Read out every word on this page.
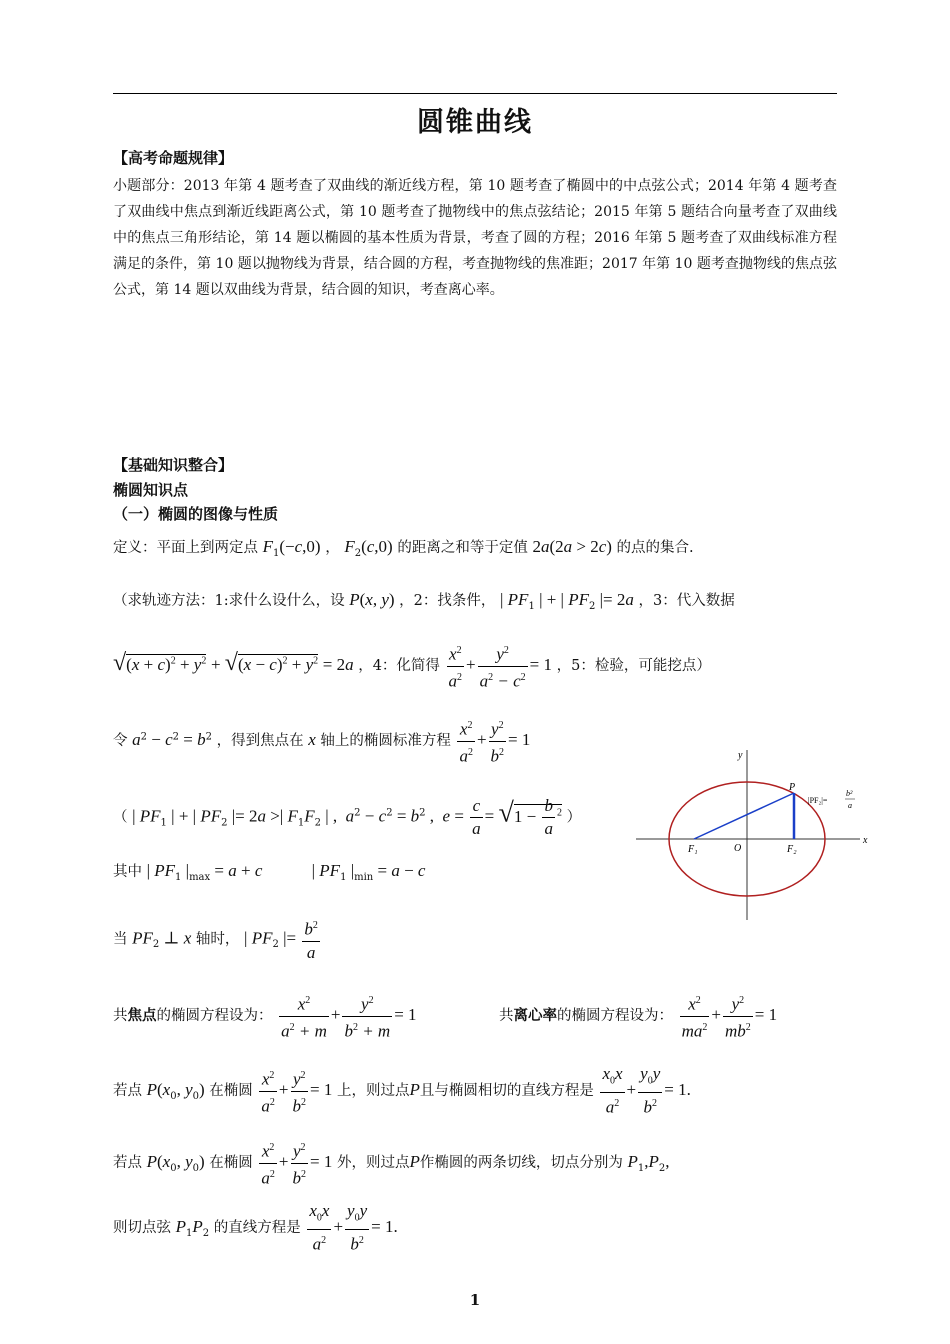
圆锥曲线
【高考命题规律】
小题部分：2013 年第 4 题考查了双曲线的渐近线方程，第 10 题考查了椭圆中的中点弦公式；2014 年第 4 题考查了双曲线中焦点到渐近线距离公式，第 10 题考查了抛物线中的焦点弦结论；2015 年第 5 题结合向量考查了双曲线中的焦点三角形结论，第 14 题以椭圆的基本性质为背景，考查了圆的方程；2016 年第 5 题考查了双曲线标准方程满足的条件，第 10 题以抛物线为背景，结合圆的方程，考查抛物线的焦准距；2017 年第 10 题考查抛物线的焦点弦公式，第 14 题以双曲线为背景，结合圆的知识，考查离心率。
【基础知识整合】
椭圆知识点
（一）椭圆的图像与性质
定义：平面上到两定点 $F_1(-c,0)$ ， $F_2(c,0)$ 的距离之和等于定值 2a(2a > 2c) 的点的集合.
（求轨迹方法：1:求什么设什么，设 P(x, y) ，2：找条件， | $PF_1$ | + | $PF_2$ |= 2a ，3：代入数据
$√(x + c)^2 + y^2 + √(x - c)^2 + y^2 = 2a$ ，4：化简得 $\frac{x^2}{a^2} + \frac{y^2}{a^2 - c^2} = 1$ ，5：检验，可能挖点）
令 $a^2 - c^2 = b^2$ ，得到焦点在 x 轴上的椭圆标准方程 $\frac{x^2}{a^2} + \frac{y^2}{b^2} = 1$
（ | $PF_1$ | + | $PF_2$ |= 2a >| $F_1F_2$ | ,  $a^2 - c^2 = b^2$ ,  $e = \frac{c}{a} = √1 - \frac{b}{a} ^2$ ）
其中 | $PF_1$ $|_{max} = a + c$	| $PF_1$ $|_{min} = a - c$
当 $PF_2$ ⊥ x 轴时， | $PF_2$ |= $\frac{b^2}{a}$
共焦点的椭圆方程设为： $\frac{x^2}{a^2 + m} + \frac{y^2}{b^2 + m} = 1$	共离心率的椭圆方程设为： $\frac{x^2}{ma^2} + \frac{y^2}{mb^2} = 1$
若点 $P(x_0$, $y_0$) 在椭圆 $\frac{x^2}{a^2} + \frac{y^2}{b^2} = 1$ 上，则过点P且与椭圆相切的直线方程是 $\frac{x_0x}{a^2} + \frac{y_0y}{b^2} = 1$.
若点 $P(x_0$, $y_0$) 在椭圆 $\frac{x^2}{a^2} + \frac{y^2}{b^2} = 1$ 外，则过点P作椭圆的两条切线，切点分别为 $P_1,P_2$,
则切点弦 $P_1P_2$ 的直线方程是 $\frac{x_0x}{a^2} + \frac{y_0y}{b^2} = 1$.
x
y
O
F₁	F₂
P
|PF₂|=
b²
a
1
